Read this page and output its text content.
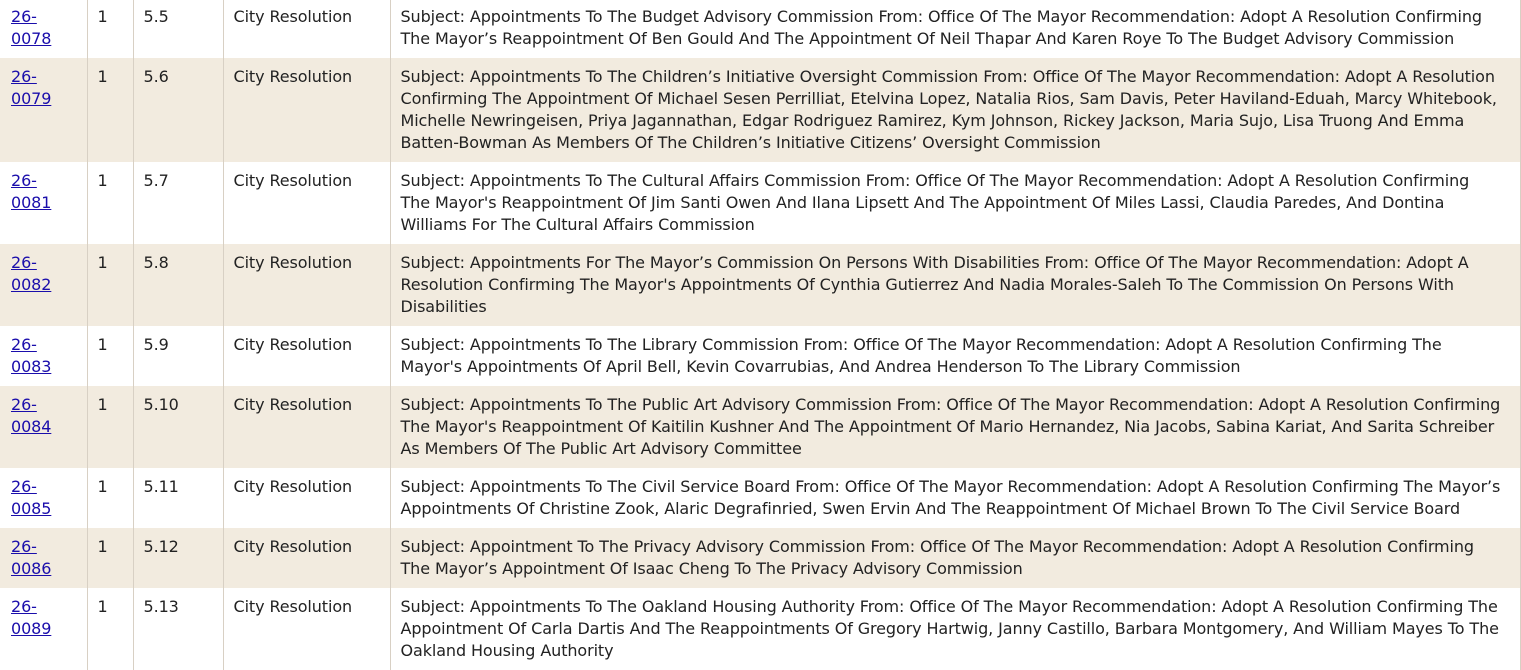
26-0078	1	5.5	City Resolution	Subject: Appointments To The Budget Advisory Commission From: Office Of The Mayor Recommendation: Adopt A Resolution Confirming The Mayor’s Reappointment Of Ben Gould And The Appointment Of Neil Thapar And Karen Roye To The Budget Advisory Commission
26-0079	1	5.6	City Resolution	Subject: Appointments To The Children’s Initiative Oversight Commission From: Office Of The Mayor Recommendation: Adopt A Resolution Confirming The Appointment Of Michael Sesen Perrilliat, Etelvina Lopez, Natalia Rios, Sam Davis, Peter Haviland-Eduah, Marcy Whitebook, Michelle Newringeisen, Priya Jagannathan, Edgar Rodriguez Ramirez, Kym Johnson, Rickey Jackson, Maria Sujo, Lisa Truong And Emma Batten-Bowman As Members Of The Children’s Initiative Citizens’ Oversight Commission
26-0081	1	5.7	City Resolution	Subject: Appointments To The Cultural Affairs Commission From: Office Of The Mayor Recommendation: Adopt A Resolution Confirming The Mayor's Reappointment Of Jim Santi Owen And Ilana Lipsett And The Appointment Of Miles Lassi, Claudia Paredes, And Dontina Williams For The Cultural Affairs Commission
26-0082	1	5.8	City Resolution	Subject: Appointments For The Mayor’s Commission On Persons With Disabilities From: Office Of The Mayor Recommendation: Adopt A Resolution Confirming The Mayor's Appointments Of Cynthia Gutierrez And Nadia Morales-Saleh To The Commission On Persons With Disabilities
26-0083	1	5.9	City Resolution	Subject: Appointments To The Library Commission From: Office Of The Mayor Recommendation: Adopt A Resolution Confirming The Mayor's Appointments Of April Bell, Kevin Covarrubias, And Andrea Henderson To The Library Commission
26-0084	1	5.10	City Resolution	Subject: Appointments To The Public Art Advisory Commission From: Office Of The Mayor Recommendation: Adopt A Resolution Confirming The Mayor's Reappointment Of Kaitilin Kushner And The Appointment Of Mario Hernandez, Nia Jacobs, Sabina Kariat, And Sarita Schreiber As Members Of The Public Art Advisory Committee
26-0085	1	5.11	City Resolution	Subject: Appointments To The Civil Service Board From: Office Of The Mayor Recommendation: Adopt A Resolution Confirming The Mayor’s Appointments Of Christine Zook, Alaric Degrafinried, Swen Ervin And The Reappointment Of Michael Brown To The Civil Service Board
26-0086	1	5.12	City Resolution	Subject: Appointment To The Privacy Advisory Commission From: Office Of The Mayor Recommendation: Adopt A Resolution Confirming The Mayor’s Appointment Of Isaac Cheng To The Privacy Advisory Commission
26-0089	1	5.13	City Resolution	Subject: Appointments To The Oakland Housing Authority From: Office Of The Mayor Recommendation: Adopt A Resolution Confirming The Appointment Of Carla Dartis And The Reappointments Of Gregory Hartwig, Janny Castillo, Barbara Montgomery, And William Mayes To The Oakland Housing Authority
